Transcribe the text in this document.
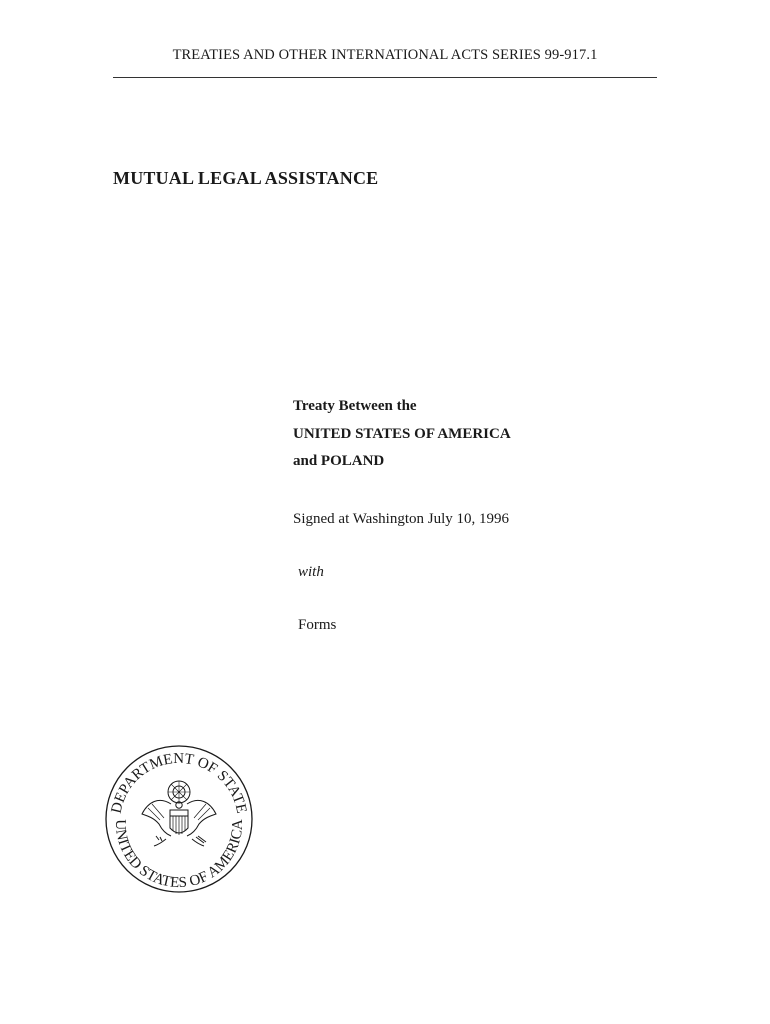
TREATIES AND OTHER INTERNATIONAL ACTS SERIES 99-917.1
MUTUAL LEGAL ASSISTANCE
Treaty Between the
UNITED STATES OF AMERICA
and POLAND
Signed at Washington July 10, 1996
with
Forms
DEPARTMENT OF STATE
UNITED STATES OF AMERICA
